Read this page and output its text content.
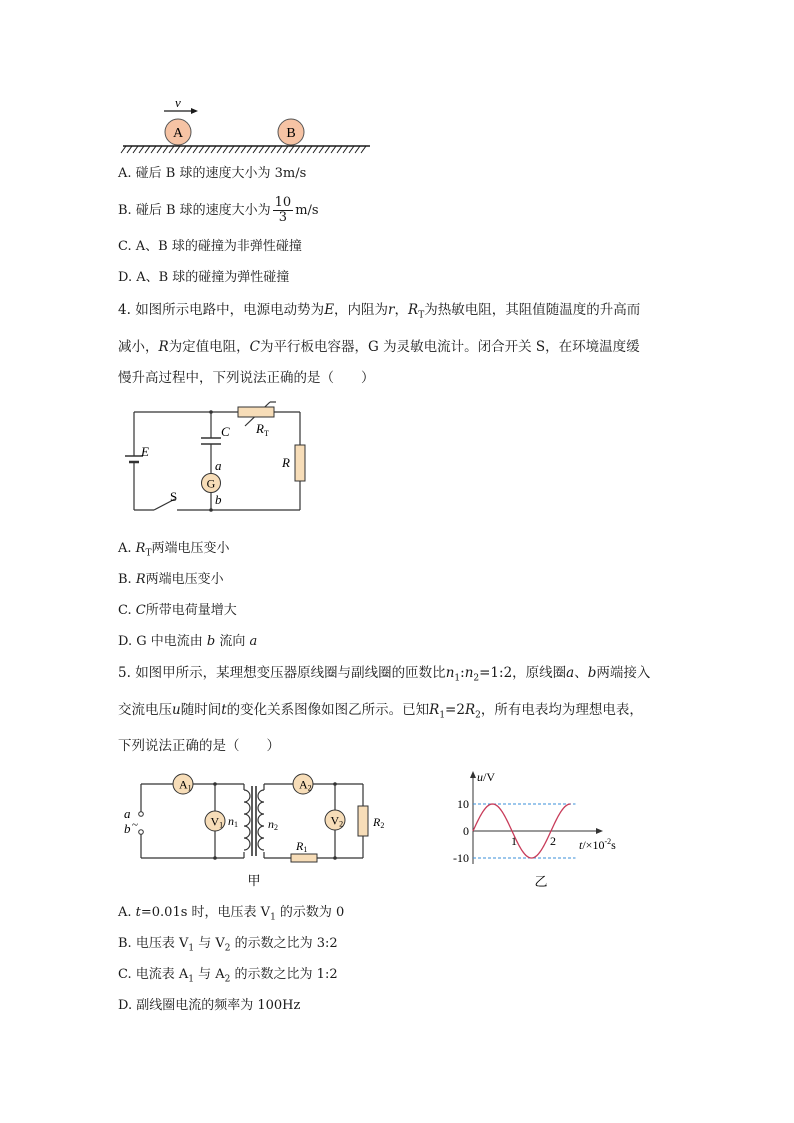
v
A	B
A. 碰后 B 球的速度大小为 3m/s
B. 碰后 B 球的速度大小为 $\frac{10}{3} m/s$
C. A、B 球的碰撞为非弹性碰撞
D. A、B 球的碰撞为弹性碰撞
4. 如图所示电路中，电源电动势为E，内阻为r，$R_T$为热敏电阻，其阻值随温度的升高而
减小，R为定值电阻，C为平行板电容器，G 为灵敏电流计。闭合开关 S，在环境温度缓
慢升高过程中，下列说法正确的是（　　）
G
E
C $R_T$
R
a
b
S
A. $R_T$两端电压变小
B. R两端电压变小
C. C所带电荷量增大
D. G 中电流由 b 流向 a
5. 如图甲所示，某理想变压器原线圈与副线圈的匝数比$n_1:n_2=1:2$，原线圈a、b两端接入
交流电压u随时间t的变化关系图像如图乙所示。已知$R_1=2R_2$，所有电表均为理想电表，
下列说法正确的是（　　）
A1
V1
A2
V2
a
b ~	n1	n2
R1
R2
甲
u/V
$t/\times 10^{-2}s$
10
0
-10
1	2
乙
A. t=0.01s 时，电压表 $V_1$ 的示数为 0
B. 电压表 $V_1$ 与 $V_2$ 的示数之比为 3:2
C. 电流表 $A_1$ 与 $A_2$ 的示数之比为 1:2
D. 副线圈电流的频率为 100Hz
